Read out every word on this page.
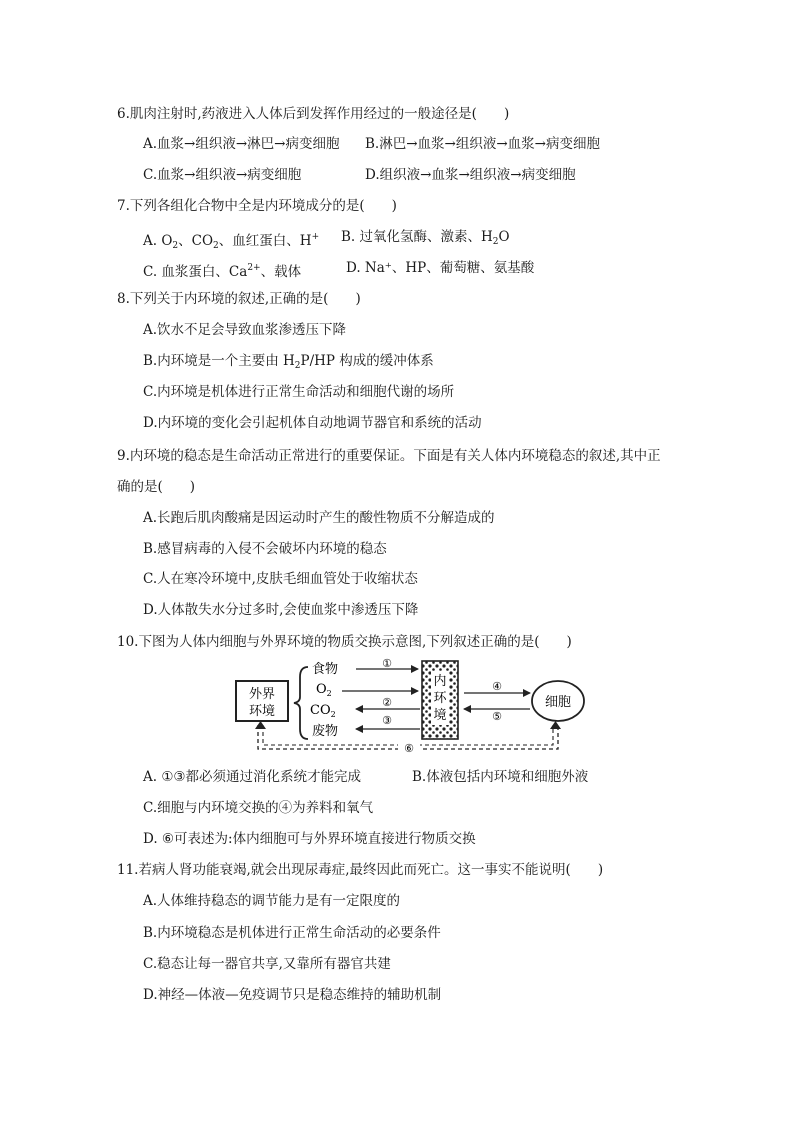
6.肌肉注射时,药液进入人体后到发挥作用经过的一般途径是(　　)
A.血浆→组织液→淋巴→病变细胞 B.淋巴→血浆→组织液→血浆→病变细胞
C.血浆→组织液→病变细胞	D.组织液→血浆→组织液→病变细胞
7.下列各组化合物中全是内环境成分的是(　　)
A. $O_2$、$CO_2$、血红蛋白、H+ B. 过氧化氢酶、激素、$H_2O$
C. 血浆蛋白、$Ca^{2+}$、载体	D. Na⁺、HP、葡萄糖、氨基酸
8.下列关于内环境的叙述,正确的是(　　)
A.饮水不足会导致血浆渗透压下降
B.内环境是一个主要由 $H_2P/HP$ 构成的缓冲体系
C.内环境是机体进行正常生命活动和细胞代谢的场所
D.内环境的变化会引起机体自动地调节器官和系统的活动
9.内环境的稳态是生命活动正常进行的重要保证。下面是有关人体内环境稳态的叙述,其中正
确的是(　　)
A.长跑后肌肉酸痛是因运动时产生的酸性物质不分解造成的
B.感冒病毒的入侵不会破坏内环境的稳态
C.人在寒冷环境中,皮肤毛细血管处于收缩状态
D.人体散失水分过多时,会使血浆中渗透压下降
10.下图为人体内细胞与外界环境的物质交换示意图,下列叙述正确的是(　　)
外界
环境
食物
$O_2$
$CO_2$
废物
①
②
③
内
环
境
④
⑤
细胞
⑥
A. ①③都必须通过消化系统才能完成	B.体液包括内环境和细胞外液
C.细胞与内环境交换的④为养料和氧气
D. ⑥可表述为:体内细胞可与外界环境直接进行物质交换
11.若病人肾功能衰竭,就会出现尿毒症,最终因此而死亡。这一事实不能说明(　　)
A.人体维持稳态的调节能力是有一定限度的
B.内环境稳态是机体进行正常生命活动的必要条件
C.稳态让每一器官共享,又靠所有器官共建
D.神经—体液—免疫调节只是稳态维持的辅助机制
